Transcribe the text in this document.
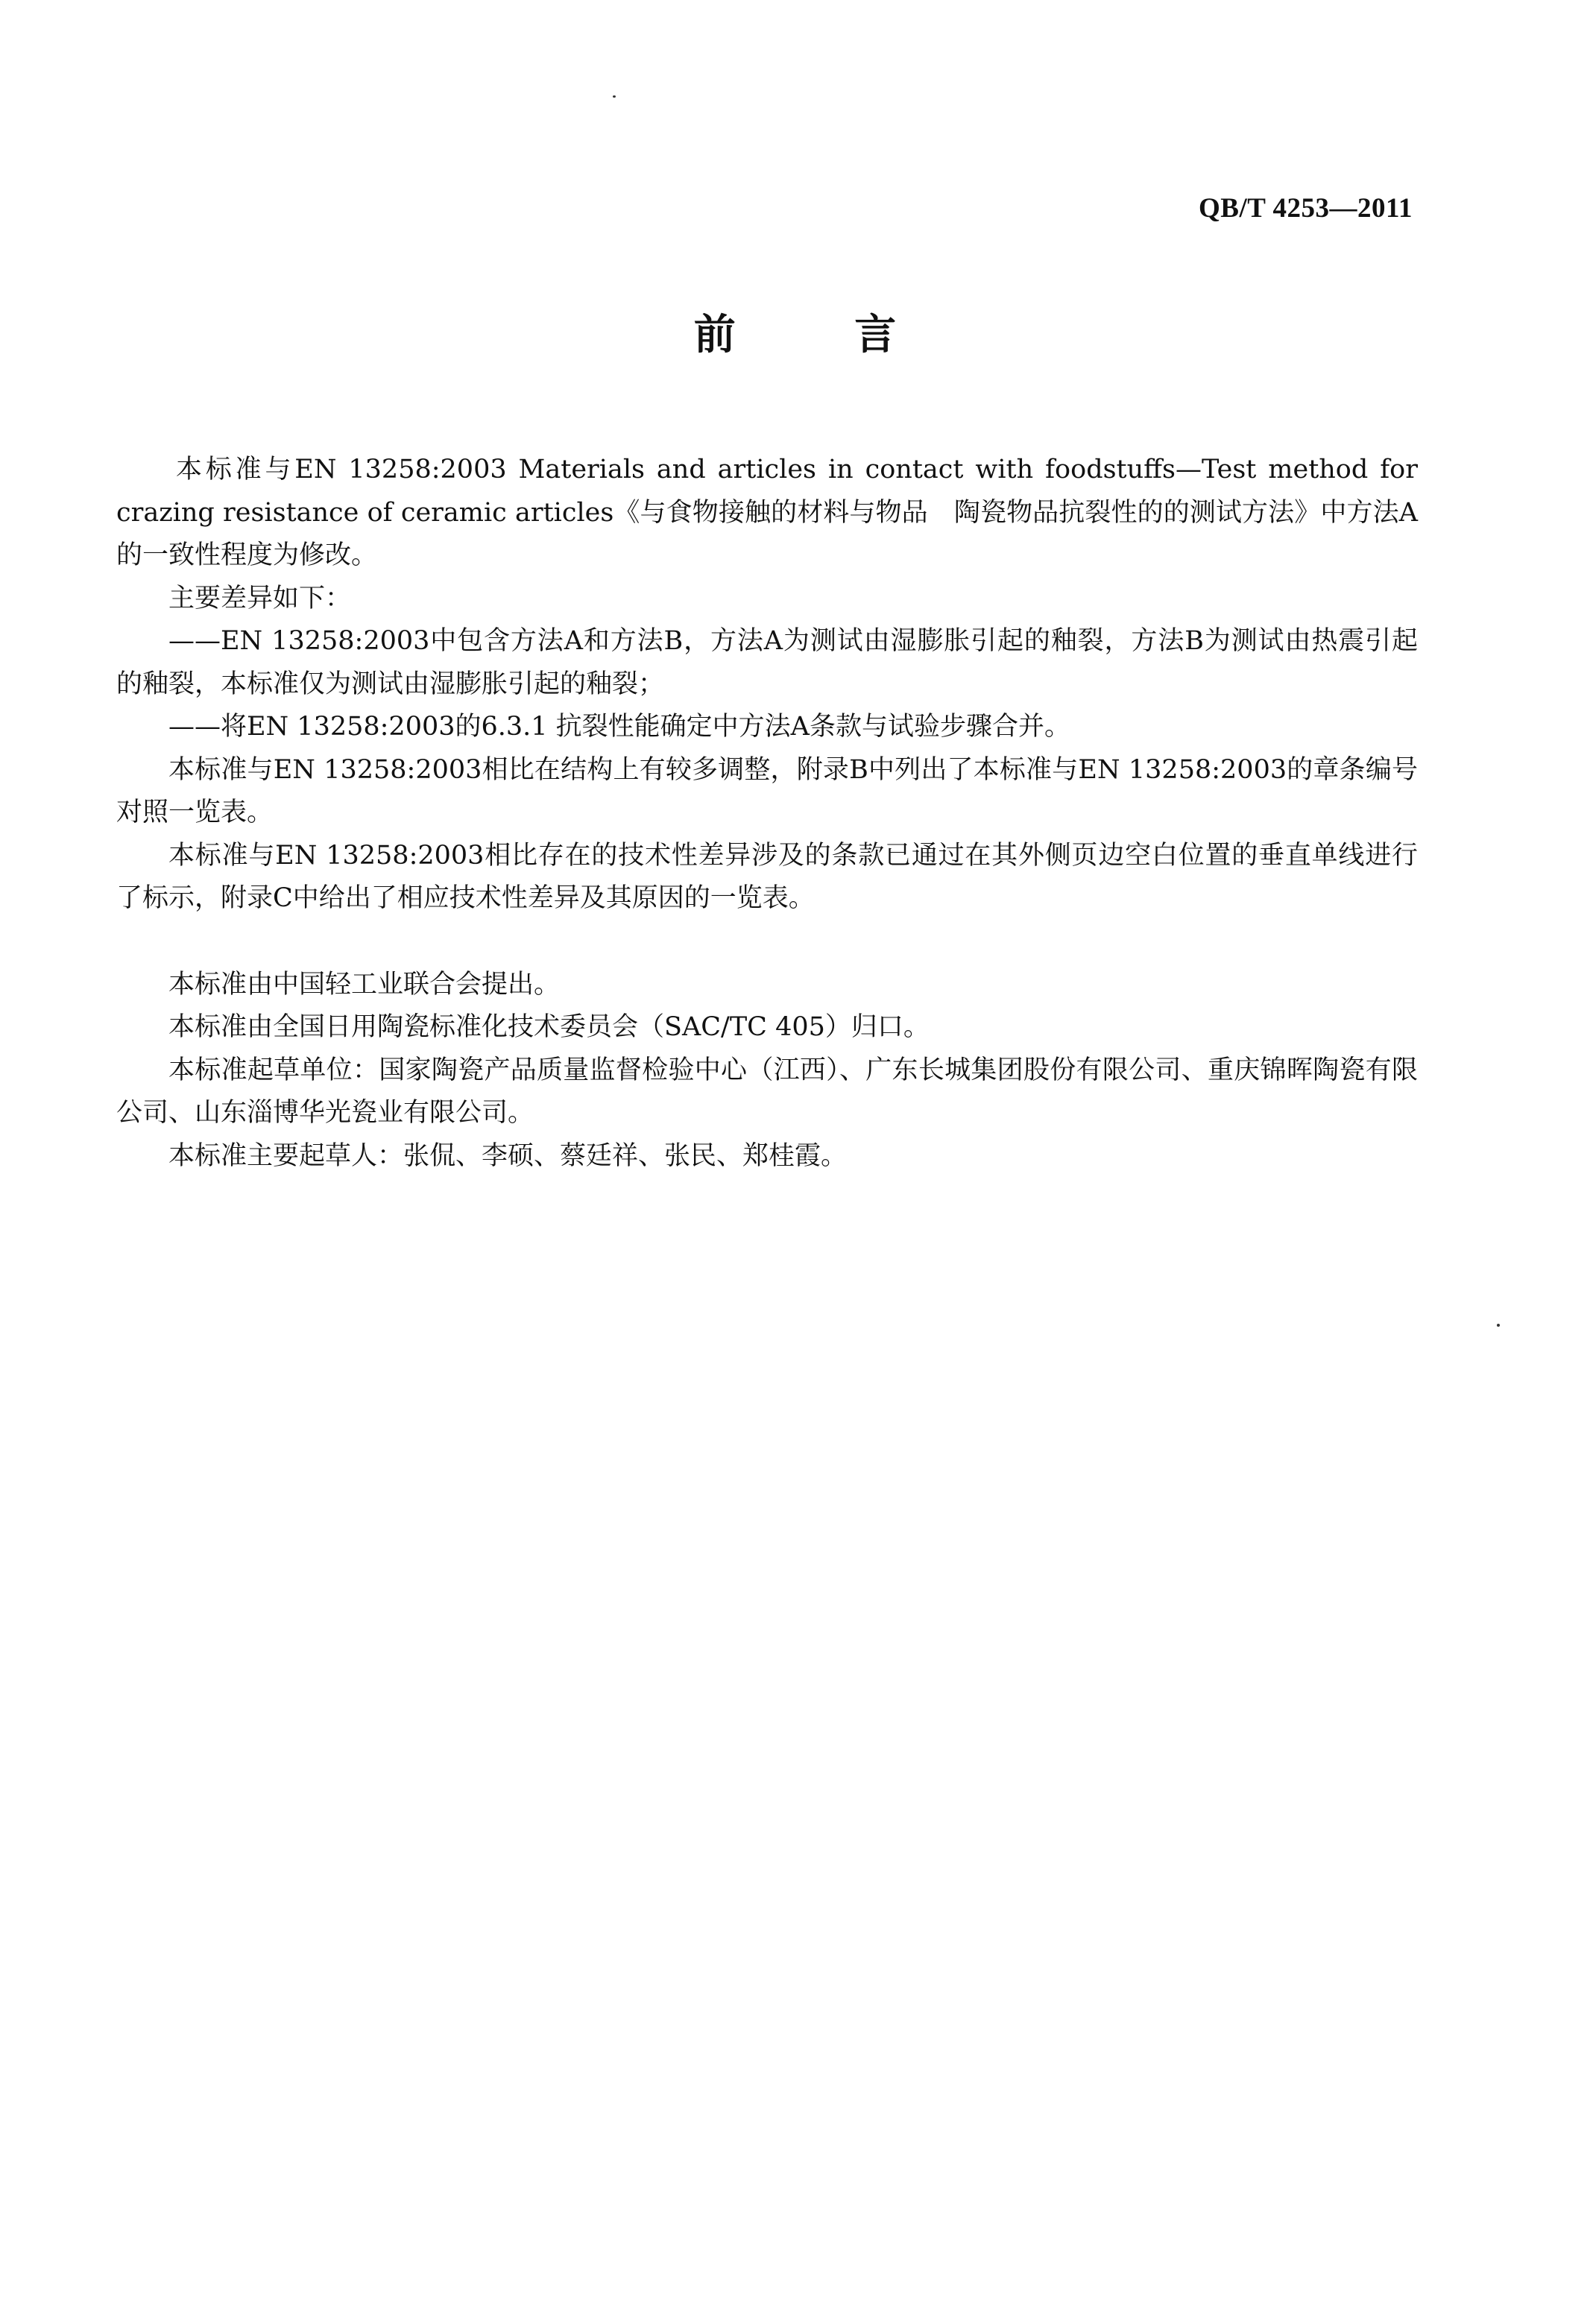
QB/T 4253—2011
前 言

本标准与EN 13258:2003 Materials and articles in contact with foodstuffs—Test method for crazing resistance of ceramic articles《与食物接触的材料与物品　陶瓷物品抗裂性的的测试方法》中方法A的一致性程度为修改。

主要差异如下：

——EN 13258:2003中包含方法A和方法B，方法A为测试由湿膨胀引起的釉裂，方法B为测试由热震引起的釉裂，本标准仅为测试由湿膨胀引起的釉裂；

——将EN 13258:2003的6.3.1 抗裂性能确定中方法A条款与试验步骤合并。

本标准与EN 13258:2003相比在结构上有较多调整，附录B中列出了本标准与EN 13258:2003的章条编号对照一览表。

本标准与EN 13258:2003相比存在的技术性差异涉及的条款已通过在其外侧页边空白位置的垂直单线进行了标示，附录C中给出了相应技术性差异及其原因的一览表。

本标准由中国轻工业联合会提出。

本标准由全国日用陶瓷标准化技术委员会（SAC/TC 405）归口。

本标准起草单位：国家陶瓷产品质量监督检验中心（江西）、广东长城集团股份有限公司、重庆锦晖陶瓷有限公司、山东淄博华光瓷业有限公司。

本标准主要起草人：张侃、李硕、蔡廷祥、张民、郑桂霞。
